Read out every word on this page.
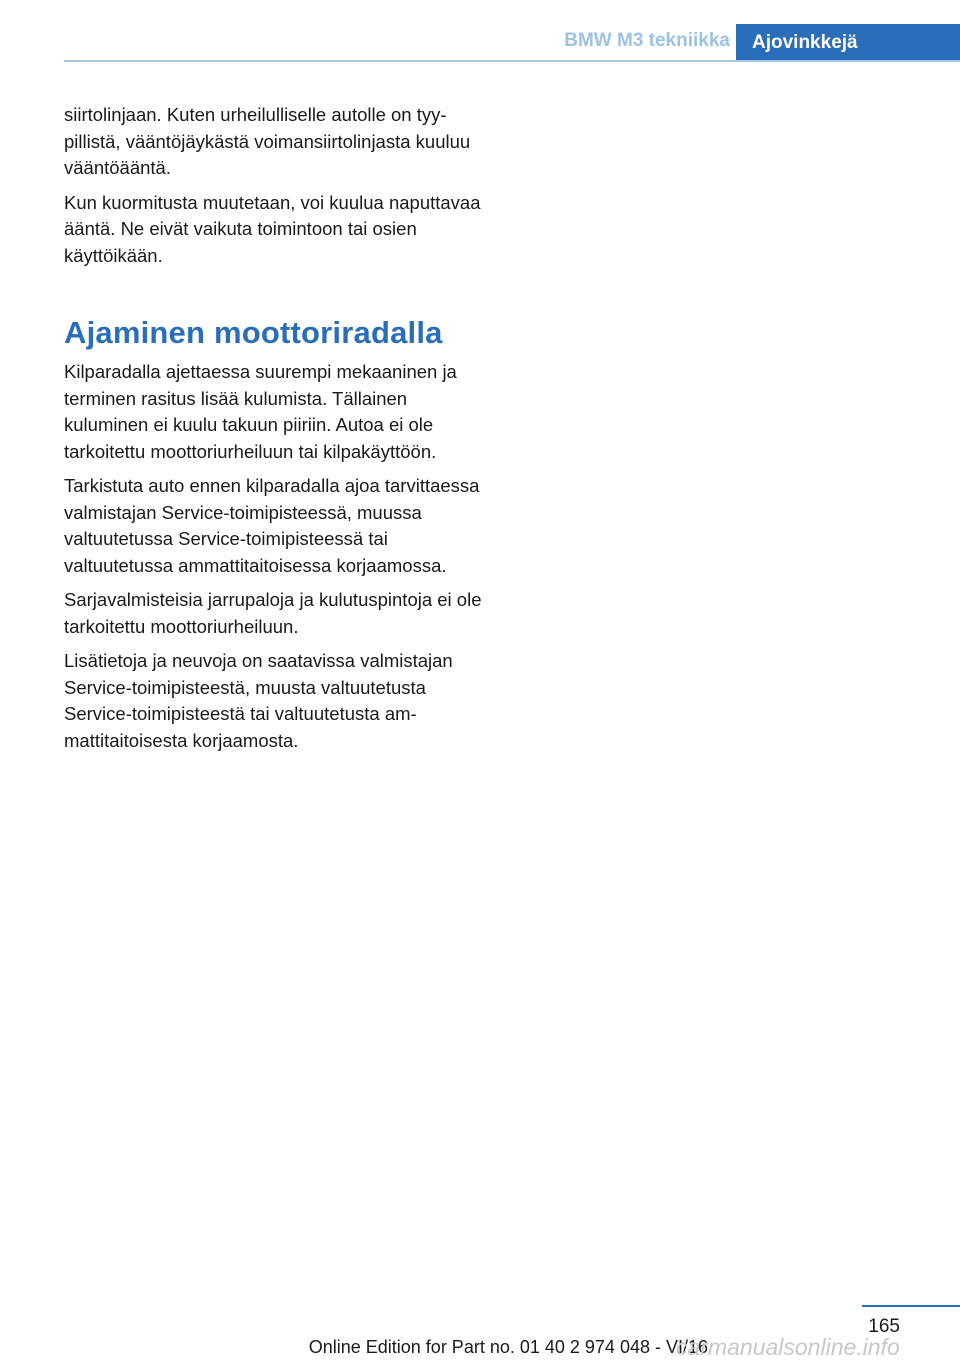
BMW M3 tekniikka	Ajovinkkejä

siirtolinjaan. Kuten urheilulliselle autolle on tyypillistä, vääntöjäykästä voimansiirtolinjasta kuuluu vääntöääntä.

Kun kuormitusta muutetaan, voi kuulua naputtavaa ääntä. Ne eivät vaikuta toimintoon tai osien käyttöikään.

Ajaminen moottoriradalla

Kilparadalla ajettaessa suurempi mekaaninen ja terminen rasitus lisää kulumista. Tällainen kuluminen ei kuulu takuun piiriin. Autoa ei ole tarkoitettu moottoriurheiluun tai kilpakäyttöön.

Tarkistuta auto ennen kilparadalla ajoa tarvittaessa valmistajan Service-toimipisteessä, muussa valtuutetussa Service-toimipisteessä tai valtuutetussa ammattitaitoisessa korjaamossa.

Sarjavalmisteisia jarrupaloja ja kulutuspintoja ei ole tarkoitettu moottoriurheiluun.

Lisätietoja ja neuvoja on saatavissa valmistajan Service-toimipisteestä, muusta valtuutetusta Service-toimipisteestä tai valtuutetusta ammattitaitoisesta korjaamosta.

165
Online Edition for Part no. 01 40 2 974 048 - VI/16
carmanualsonline.info
